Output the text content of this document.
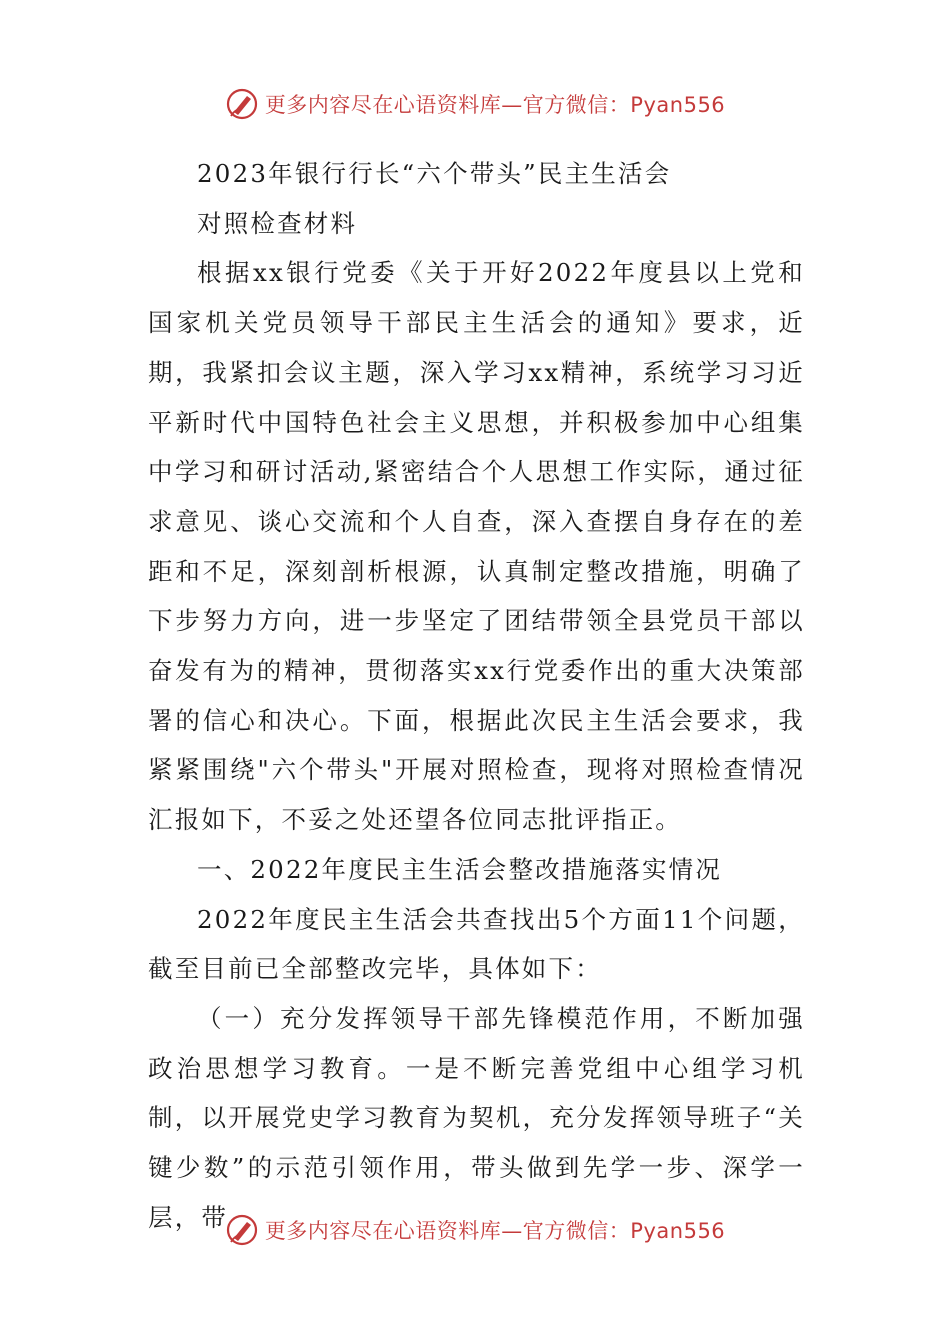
更多内容尽在心语资料库—官方微信：Pyan556

2023年银行行长“六个带头”民主生活会

对照检查材料

根据xx银行党委《关于开好2022年度县以上党和国家机关党员领导干部民主生活会的通知》要求，近期，我紧扣会议主题，深入学习xx精神，系统学习习近平新时代中国特色社会主义思想，并积极参加中心组集中学习和研讨活动,紧密结合个人思想工作实际，通过征求意见、谈心交流和个人自查，深入查摆自身存在的差距和不足，深刻剖析根源，认真制定整改措施，明确了下步努力方向，进一步坚定了团结带领全县党员干部以奋发有为的精神，贯彻落实xx行党委作出的重大决策部署的信心和决心。下面，根据此次民主生活会要求，我紧紧围绕"六个带头"开展对照检查，现将对照检查情况汇报如下，不妥之处还望各位同志批评指正。

一、2022年度民主生活会整改措施落实情况

2022年度民主生活会共查找出5个方面11个问题，截至目前已全部整改完毕，具体如下：

（一）充分发挥领导干部先锋模范作用，不断加强政治思想学习教育。一是不断完善党组中心组学习机制，以开展党史学习教育为契机，充分发挥领导班子“关键少数”的示范引领作用，带头做到先学一步、深学一层，带	更多内容尽在心语资料库—官方微信：Pyan556
